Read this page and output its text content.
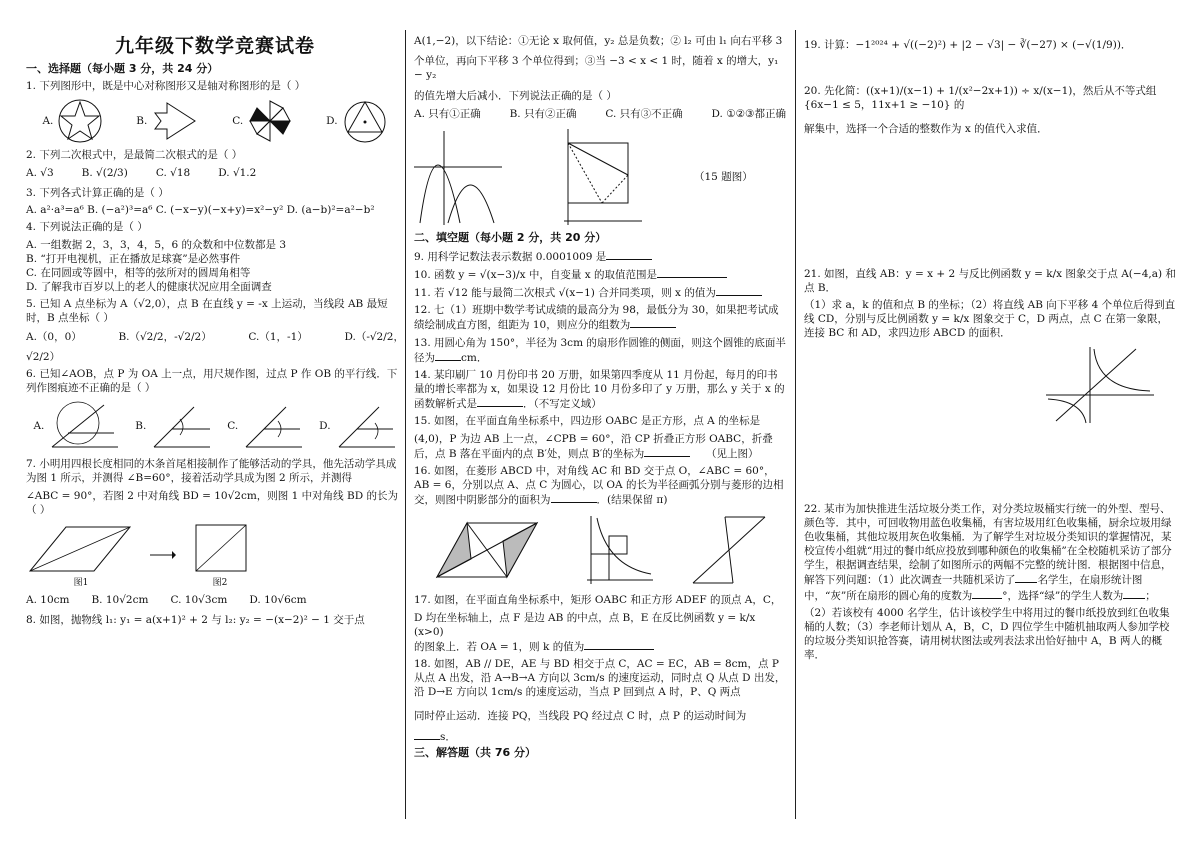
九年级下数学竞赛试卷
一、选择题（每小题 3 分，共 24 分）
1. 下列图形中，既是中心对称图形又是轴对称图形的是（ ）
A.	B.	C.	D.
2. 下列二次根式中，是最简二次根式的是（ ）
A. √3	B. √(2/3)	C. √18	D. √1.2
3. 下列各式计算正确的是（ ）
A. a²·a³=a⁶ B. (−a²)³=a⁶ C. (−x−y)(−x+y)=x²−y² D. (a−b)²=a²−b²
4. 下列说法正确的是（ ）
A. 一组数据 2，3，3，4，5，6 的众数和中位数都是 3
B. “打开电视机，正在播放足球赛”是必然事件
C. 在同圆或等圆中，相等的弦所对的圆周角相等
D. 了解我市百岁以上的老人的健康状况应用全面调查
5. 已知 A 点坐标为 A（√2,0），点 B 在直线 y = -x 上运动，当线段 AB 最短时，B 点坐标（ ）
A.（0，0）	B.（√2/2，-√2/2）	C.（1，-1）	D.（-√2/2，
√2/2）
6. 已知∠AOB，点 P 为 OA 上一点，用尺规作图，过点 P 作 OB 的平行线．下列作图痕迹不正确的是（ ）
A.	B.	C.	D.
7. 小明用四根长度相同的木条首尾相接制作了能够活动的学具，他先活动学具成为图 1 所示，并测得 ∠B=60°，接着活动学具成为图 2 所示，并测得
∠ABC = 90°，若图 2 中对角线 BD = 10√2cm，则图 1 中对角线 BD 的长为
（ ）
图1	图2
A. 10cm B. 10√2cm C. 10√3cm D. 10√6cm
8. 如图，抛物线 l₁: y₁ = a(x+1)² + 2 与 l₂: y₂ = −(x−2)² − 1 交于点
A(1,−2)，以下结论：①无论 x 取何值，y₂ 总是负数；② l₂ 可由 l₁ 向右平移 3
个单位，再向下平移 3 个单位得到；③当 −3 < x < 1 时，随着 x 的增大，y₁ − y₂
的值先增大后减小．下列说法正确的是（ ）
A. 只有①正确	B. 只有②正确	C. 只有③不正确	D. ①②③都正确
（15 题图）
二、填空题（每小题 2 分，共 20 分）
9. 用科学记数法表示数据 0.0001009 是
10. 函数 y = √(x−3)/x 中，自变量 x 的取值范围是
11. 若 √12 能与最简二次根式 √(x−1) 合并同类项，则 x 的值为
12. 七（1）班期中数学考试成绩的最高分为 98，最低分为 30，如果把考试成绩绘制成直方图，组距为 10，则应分的组数为
13. 用圆心角为 150°，半径为 3cm 的扇形作圆锥的侧面，则这个圆锥的底面半径为 cm．
14. 某印刷厂 10 月份印书 20 万册，如果第四季度从 11 月份起，每月的印书量的增长率都为 x，如果设 12 月份比 10 月份多印了 y 万册，那么 y 关于 x 的函数解析式是	．（不写定义域）
15. 如图，在平面直角坐标系中，四边形 OABC 是正方形，点 A 的坐标是
(4,0)，P 为边 AB 上一点，∠CPB = 60°，沿 CP 折叠正方形 OABC，折叠
后，点 B 落在平面内的点 B′处，则点 B′的坐标为　　	（见上图）
16. 如图，在菱形 ABCD 中，对角线 AC 和 BD 交于点 O，∠ABC = 60°，AB = 6，分别以点 A、点 C 为圆心，以 OA 的长为半径画弧分别与菱形的边相交，则图中阴影部分的面积为	．(结果保留 π)
17. 如图，在平面直角坐标系中，矩形 OABC 和正方形 ADEF 的顶点 A，C，
D 均在坐标轴上，点 F 是边 AB 的中点，点 B，E 在反比例函数 y = k/x (x>0)
的图象上．若 OA = 1，则 k 的值为
18. 如图，AB // DE，AE 与 BD 相交于点 C，AC = EC，AB = 8cm，点 P 从点 A 出发，沿 A→B→A 方向以 3cm/s 的速度运动，同时点 Q 从点 D 出发，沿 D→E 方向以 1cm/s 的速度运动，当点 P 回到点 A 时，P、Q 两点
同时停止运动．连接 PQ，当线段 PQ 经过点 C 时，点 P 的运动时间为
s．
三、解答题（共 76 分）
19. 计算：−1²⁰²⁴ + √((−2)²) + |2 − √3| − ∛(−27) × (−√(1/9))．
20. 先化简：((x+1)/(x−1) + 1/(x²−2x+1)) ÷ x/(x−1)，然后从不等式组 {6x−1 ≤ 5，11x+1 ≥ −10} 的
解集中，选择一个合适的整数作为 x 的值代入求值．
21. 如图，直线 AB：y = x + 2 与反比例函数 y = k/x 图象交于点 A(−4,a) 和点 B．
（1）求 a，k 的值和点 B 的坐标；（2）将直线 AB 向下平移 4 个单位后得到直线 CD，分别与反比例函数 y = k/x 图象交于 C，D 两点，点 C 在第一象限，连接 BC 和 AD，求四边形 ABCD 的面积．
22. 某市为加快推进生活垃圾分类工作，对分类垃圾桶实行统一的外型、型号、颜色等．其中，可回收物用蓝色收集桶，有害垃圾用红色收集桶，厨余垃圾用绿色收集桶，其他垃圾用灰色收集桶．为了解学生对垃圾分类知识的掌握情况，某校宣传小组就“用过的餐巾纸应投放到哪种颜色的收集桶”在全校随机采访了部分学生，根据调查结果，绘制了如图所示的两幅不完整的统计图．根据图中信息，解答下列问题：（1）此次调查一共随机采访了 名学生，在扇形统计图中，“灰”所在扇形的圆心角的度数为	°，选择“绿”的学生人数为 ；
（2）若该校有 4000 名学生，估计该校学生中将用过的餐巾纸投放到红色收集桶的人数；（3）李老师计划从 A，B，C，D 四位学生中随机抽取两人参加学校的垃圾分类知识抢答赛，请用树状图法或列表法求出恰好抽中 A，B 两人的概率．
